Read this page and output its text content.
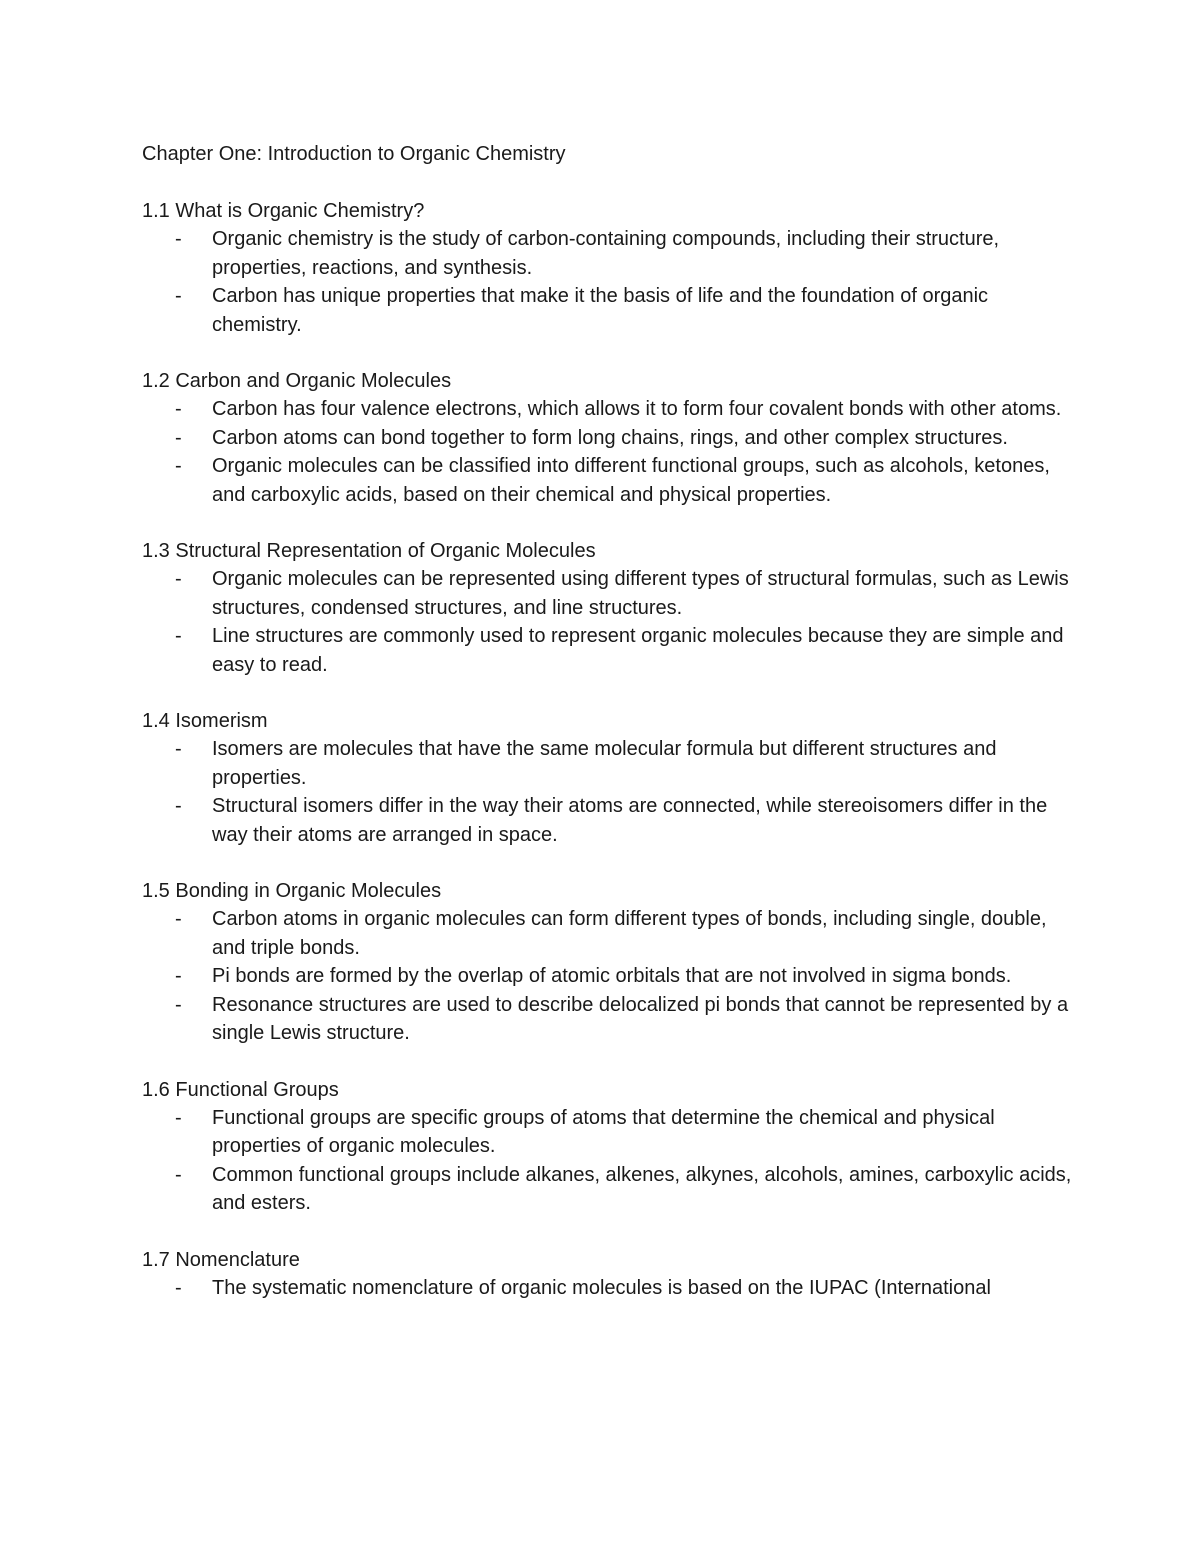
Chapter One: Introduction to Organic Chemistry
1.1 What is Organic Chemistry?
- Organic chemistry is the study of carbon-containing compounds, including their structure, properties, reactions, and synthesis.
- Carbon has unique properties that make it the basis of life and the foundation of organic chemistry.
1.2 Carbon and Organic Molecules
- Carbon has four valence electrons, which allows it to form four covalent bonds with other atoms.
- Carbon atoms can bond together to form long chains, rings, and other complex structures.
- Organic molecules can be classified into different functional groups, such as alcohols, ketones, and carboxylic acids, based on their chemical and physical properties.
1.3 Structural Representation of Organic Molecules
- Organic molecules can be represented using different types of structural formulas, such as Lewis structures, condensed structures, and line structures.
- Line structures are commonly used to represent organic molecules because they are simple and easy to read.
1.4 Isomerism
- Isomers are molecules that have the same molecular formula but different structures and properties.
- Structural isomers differ in the way their atoms are connected, while stereoisomers differ in the way their atoms are arranged in space.
1.5 Bonding in Organic Molecules
- Carbon atoms in organic molecules can form different types of bonds, including single, double, and triple bonds.
- Pi bonds are formed by the overlap of atomic orbitals that are not involved in sigma bonds.
- Resonance structures are used to describe delocalized pi bonds that cannot be represented by a single Lewis structure.
1.6 Functional Groups
- Functional groups are specific groups of atoms that determine the chemical and physical properties of organic molecules.
- Common functional groups include alkanes, alkenes, alkynes, alcohols, amines, carboxylic acids, and esters.
1.7 Nomenclature
- The systematic nomenclature of organic molecules is based on the IUPAC (International
